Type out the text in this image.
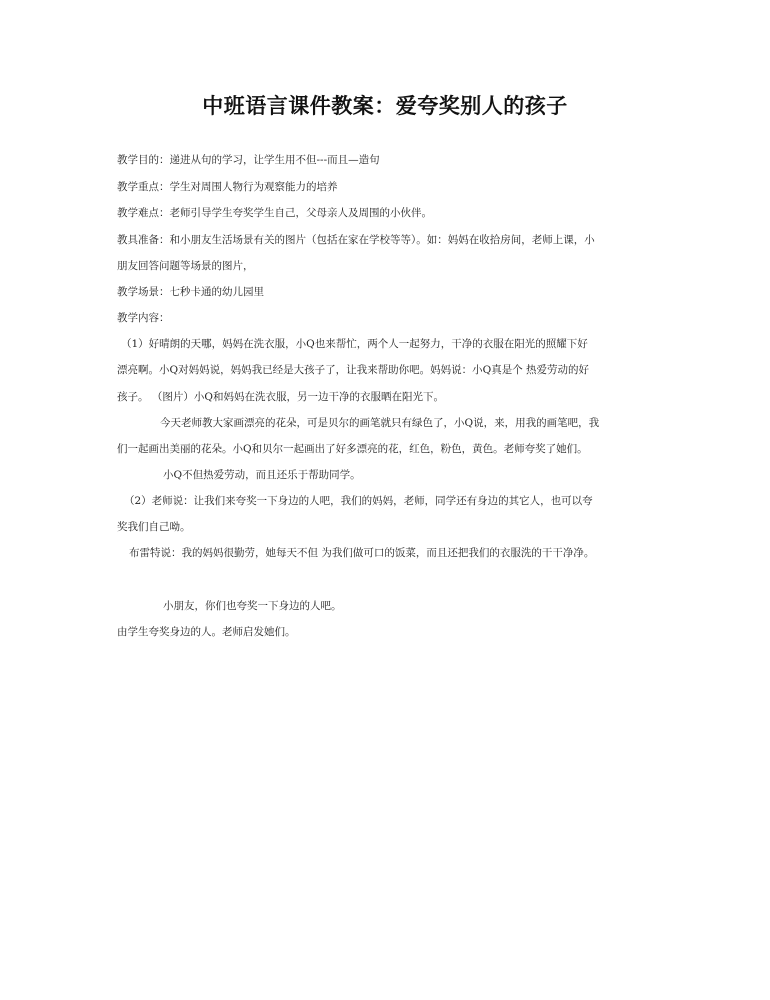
中班语言课件教案：爱夸奖别人的孩子
教学目的：递进从句的学习，让学生用不但---而且—造句
教学重点：学生对周围人物行为观察能力的培养
教学难点：老师引导学生夸奖学生自己，父母亲人及周围的小伙伴。
教具准备：和小朋友生活场景有关的图片（包括在家在学校等等）。如：妈妈在收拾房间，老师上课，小
朋友回答问题等场景的图片，
教学场景：七秒卡通的幼儿园里
教学内容：
（1）好晴朗的天哪，妈妈在洗衣服，小Q也来帮忙，两个人一起努力，干净的衣服在阳光的照耀下好
漂亮啊。小Q对妈妈说，妈妈我已经是大孩子了，让我来帮助你吧。妈妈说：小Q真是个 热爱劳动的好
孩子。 （图片）小Q和妈妈在洗衣服，另一边干净的衣服晒在阳光下。
今天老师教大家画漂亮的花朵，可是贝尔的画笔就只有绿色了，小Q说，来，用我的画笔吧，我
们一起画出美丽的花朵。小Q和贝尔一起画出了好多漂亮的花，红色，粉色，黄色。老师夸奖了她们。
小Q不但热爱劳动，而且还乐于帮助同学。
（2）老师说：让我们来夸奖一下身边的人吧，我们的妈妈，老师，同学还有身边的其它人，也可以夸
奖我们自己呦。
布雷特说：我的妈妈很勤劳，她每天不但 为我们做可口的饭菜，而且还把我们的衣服洗的干干净净。
小朋友，你们也夸奖一下身边的人吧。
由学生夸奖身边的人。老师启发她们。
